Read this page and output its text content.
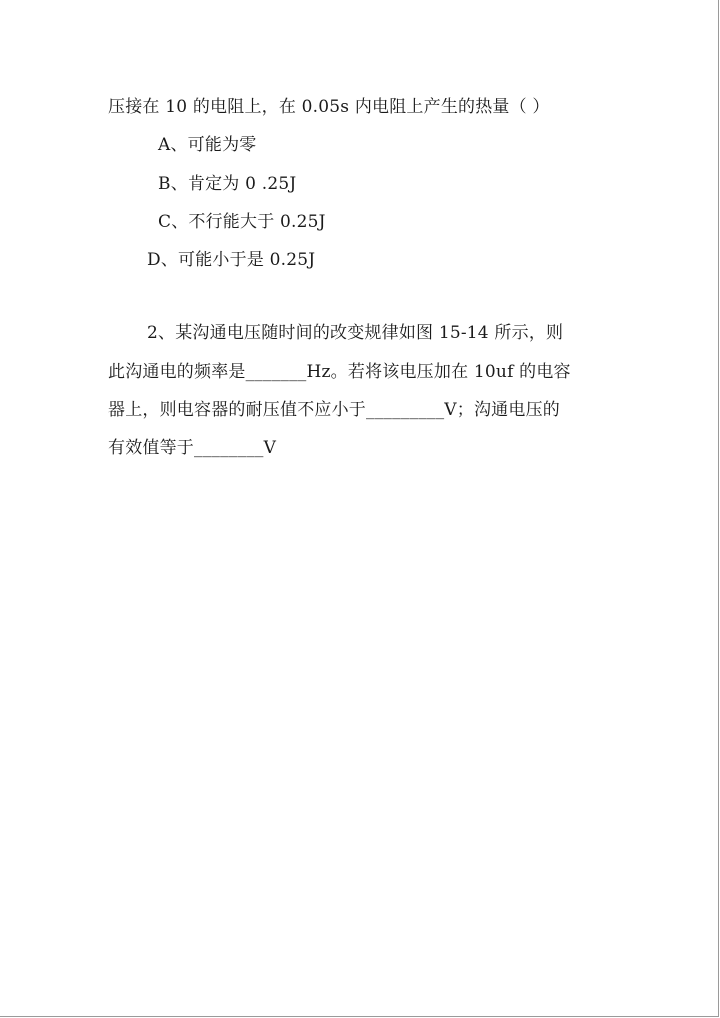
压接在 10 的电阻上，在 0.05s 内电阻上产生的热量（ ）
A、可能为零
B、肯定为 0 .25J
C、不行能大于 0.25J
D、可能小于是 0.25J
2、某沟通电压随时间的改变规律如图 15-14 所示，则
此沟通电的频率是_______Hz。若将该电压加在 10uf 的电容
器上，则电容器的耐压值不应小于_________V；沟通电压的
有效值等于________V
